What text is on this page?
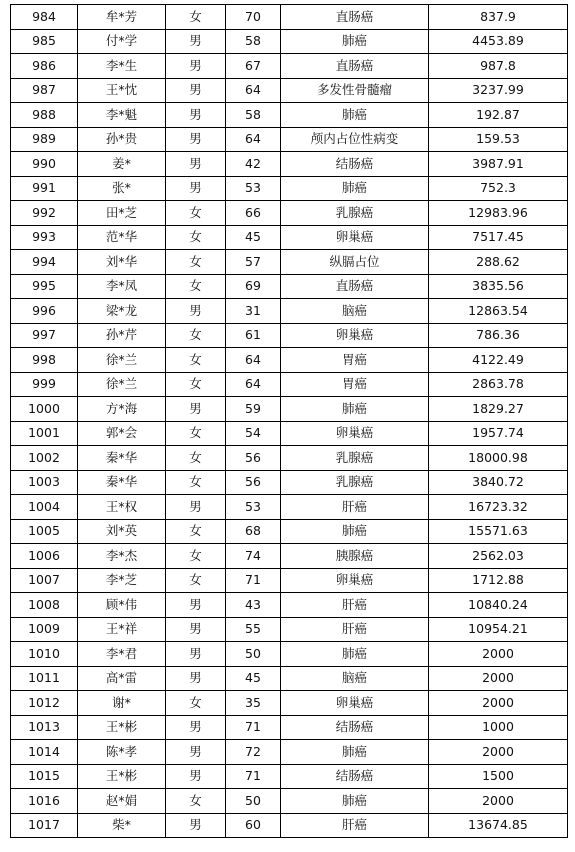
984	牟*芳	女	70	直肠癌	837.9
985	付*学	男	58	肺癌	4453.89
986	李*生	男	67	直肠癌	987.8
987	王*忱	男	64	多发性骨髓瘤	3237.99
988	李*魁	男	58	肺癌	192.87
989	孙*贵	男	64	颅内占位性病变	159.53
990	姜*	男	42	结肠癌	3987.91
991	张*	男	53	肺癌	752.3
992	田*芝	女	66	乳腺癌	12983.96
993	范*华	女	45	卵巢癌	7517.45
994	刘*华	女	57	纵膈占位	288.62
995	李*凤	女	69	直肠癌	3835.56
996	梁*龙	男	31	脑癌	12863.54
997	孙*芹	女	61	卵巢癌	786.36
998	徐*兰	女	64	胃癌	4122.49
999	徐*兰	女	64	胃癌	2863.78
1000	方*海	男	59	肺癌	1829.27
1001	郭*会	女	54	卵巢癌	1957.74
1002	秦*华	女	56	乳腺癌	18000.98
1003	秦*华	女	56	乳腺癌	3840.72
1004	王*权	男	53	肝癌	16723.32
1005	刘*英	女	68	肺癌	15571.63
1006	李*杰	女	74	胰腺癌	2562.03
1007	李*芝	女	71	卵巢癌	1712.88
1008	顾*伟	男	43	肝癌	10840.24
1009	王*祥	男	55	肝癌	10954.21
1010	李*君	男	50	肺癌	2000
1011	高*雷	男	45	脑癌	2000
1012	谢*	女	35	卵巢癌	2000
1013	王*彬	男	71	结肠癌	1000
1014	陈*孝	男	72	肺癌	2000
1015	王*彬	男	71	结肠癌	1500
1016	赵*娟	女	50	肺癌	2000
1017	柴*	男	60	肝癌	13674.85
